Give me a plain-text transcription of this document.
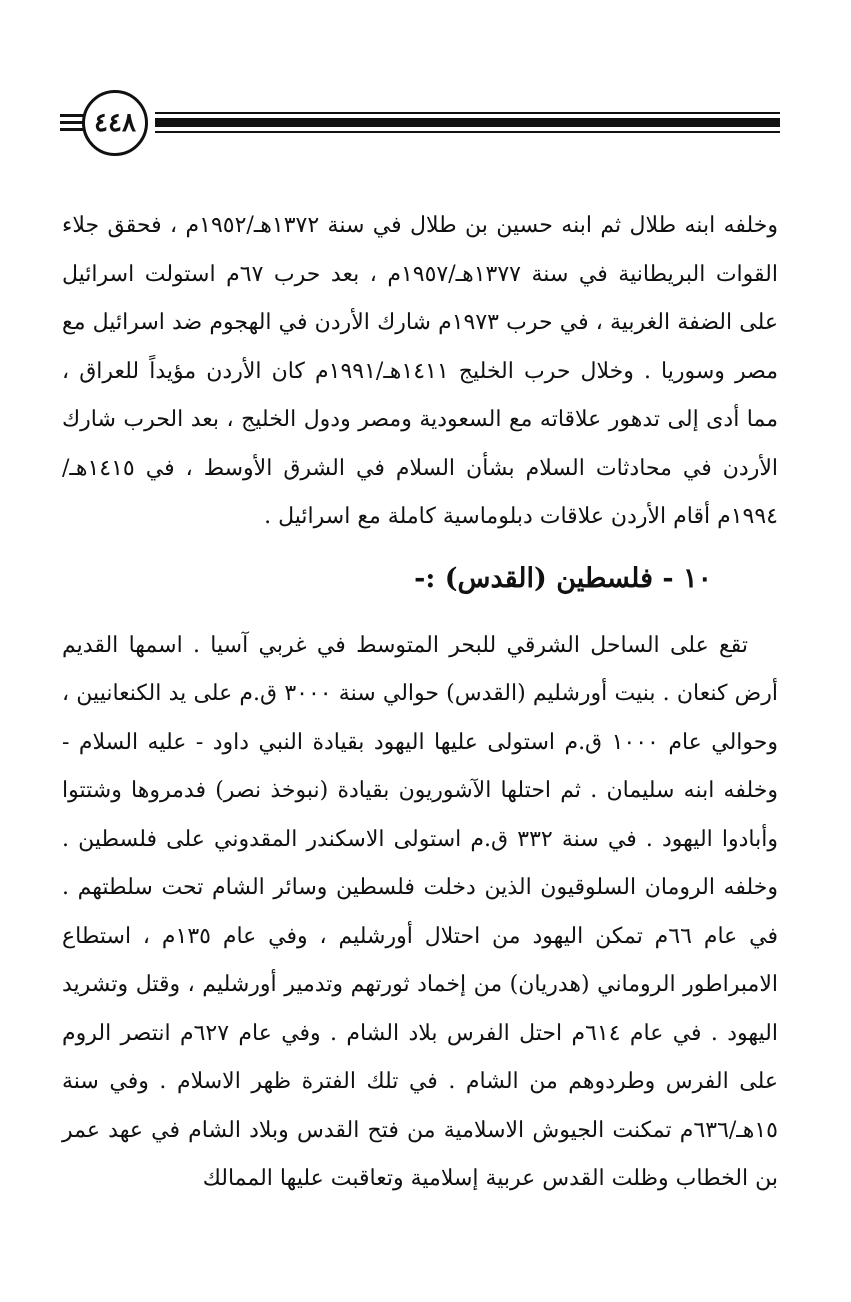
٤٤٨

وخلفه ابنه طلال ثم ابنه حسين بن طلال في سنة ١٣٧٢هـ/١٩٥٢م ، فحقق جلاء القوات البريطانية في سنة ١٣٧٧هـ/١٩٥٧م ، بعد حرب ٦٧م استولت اسرائيل على الضفة الغربية ، في حرب ١٩٧٣م شارك الأردن في الهجوم ضد اسرائيل مع مصر وسوريا . وخلال حرب الخليج ١٤١١هـ/١٩٩١م كان الأردن مؤيداً للعراق ، مما أدى إلى تدهور علاقاته مع السعودية ومصر ودول الخليج ، بعد الحرب شارك الأردن في محادثات السلام بشأن السلام في الشرق الأوسط ، في ١٤١٥هـ/١٩٩٤م أقام الأردن علاقات دبلوماسية كاملة مع اسرائيل .

١٠ - فلسطين (القدس) :-

تقع على الساحل الشرقي للبحر المتوسط في غربي آسيا . اسمها القديم أرض كنعان . بنيت أورشليم (القدس) حوالي سنة ٣٠٠٠ ق.م على يد الكنعانيين ، وحوالي عام ١٠٠٠ ق.م استولى عليها اليهود بقيادة النبي داود - عليه السلام - وخلفه ابنه سليمان . ثم احتلها الآشوريون بقيادة (نبوخذ نصر) فدمروها وشتتوا وأبادوا اليهود . في سنة ٣٣٢ ق.م استولى الاسكندر المقدوني على فلسطين . وخلفه الرومان السلوقيون الذين دخلت فلسطين وسائر الشام تحت سلطتهم . في عام ٦٦م تمكن اليهود من احتلال أورشليم ، وفي عام ١٣٥م ، استطاع الامبراطور الروماني (هدريان) من إخماد ثورتهم وتدمير أورشليم ، وقتل وتشريد اليهود . في عام ٦١٤م احتل الفرس بلاد الشام . وفي عام ٦٢٧م انتصر الروم على الفرس وطردوهم من الشام . في تلك الفترة ظهر الاسلام . وفي سنة ١٥هـ/٦٣٦م تمكنت الجيوش الاسلامية من فتح القدس وبلاد الشام في عهد عمر بن الخطاب وظلت القدس عربية إسلامية وتعاقبت عليها الممالك
